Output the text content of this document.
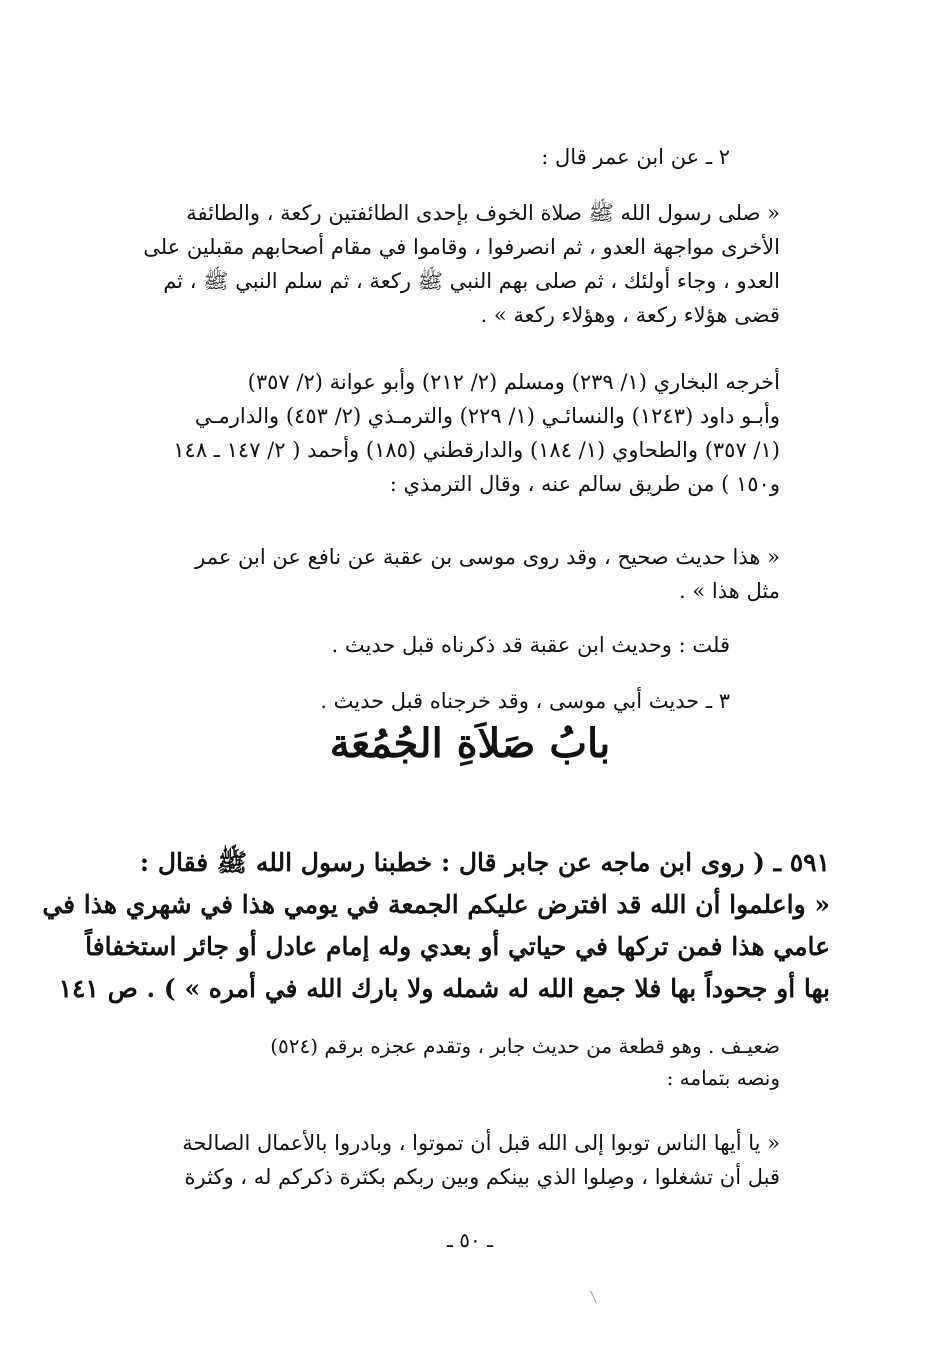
٢ ـ عن ابن عمر قال :
« صلى رسول الله ﷺ صلاة الخوف بإحدى الطائفتين ركعة ، والطائفة
الأخرى مواجهة العدو ، ثم انصرفوا ، وقاموا في مقام أصحابهم مقبلين على
العدو ، وجاء أولئك ، ثم صلى بهم النبي ﷺ ركعة ، ثم سلم النبي ﷺ ، ثم
قضى هؤلاء ركعة ، وهؤلاء ركعة » .
أخرجه البخاري (١/ ٢٣٩) ومسلم (٢/ ٢١٢) وأبو عوانة (٢/ ٣٥٧)
وأبـو داود (١٢٤٣) والنسائـي (١/ ٢٢٩) والترمـذي (٢/ ٤٥٣) والدارمـي
(١/ ٣٥٧) والطحاوي (١/ ١٨٤) والدارقطني (١٨٥) وأحمد ( ٢/ ١٤٧ ـ ١٤٨
و١٥٠ ) من طريق سالم عنه ، وقال الترمذي :
« هذا حديث صحيح ، وقد روى موسى بن عقبة عن نافع عن ابن عمر
مثل هذا » .
قلت : وحديث ابن عقبة قد ذكرناه قبل حديث .
٣ ـ حديث أبي موسى ، وقد خرجناه قبل حديث .
بابُ صَلاَةِ الجُمُعَة
٥٩١ ـ ( روى ابن ماجه عن جابر قال : خطبنا رسول الله ﷺ فقال :
« واعلموا أن الله قد افترض عليكم الجمعة في يومي هذا في شهري هذا في
عامي هذا فمن تركها في حياتي أو بعدي وله إمام عادل أو جائر استخفافاً
بها أو جحوداً بها فلا جمع الله له شمله ولا بارك الله في أمره » ) . ص ١٤١
ضعيـف . وهو قطعة من حديث جابر ، وتقدم عجزه برقم (٥٢٤)
ونصه بتمامه :
« يا أيها الناس توبوا إلى الله قبل أن تموتوا ، وبادروا بالأعمال الصالحة
قبل أن تشغلوا ، وصِلوا الذي بينكم وبين ربكم بكثرة ذكركم له ، وكثرة
ـ ٥٠ ـ
